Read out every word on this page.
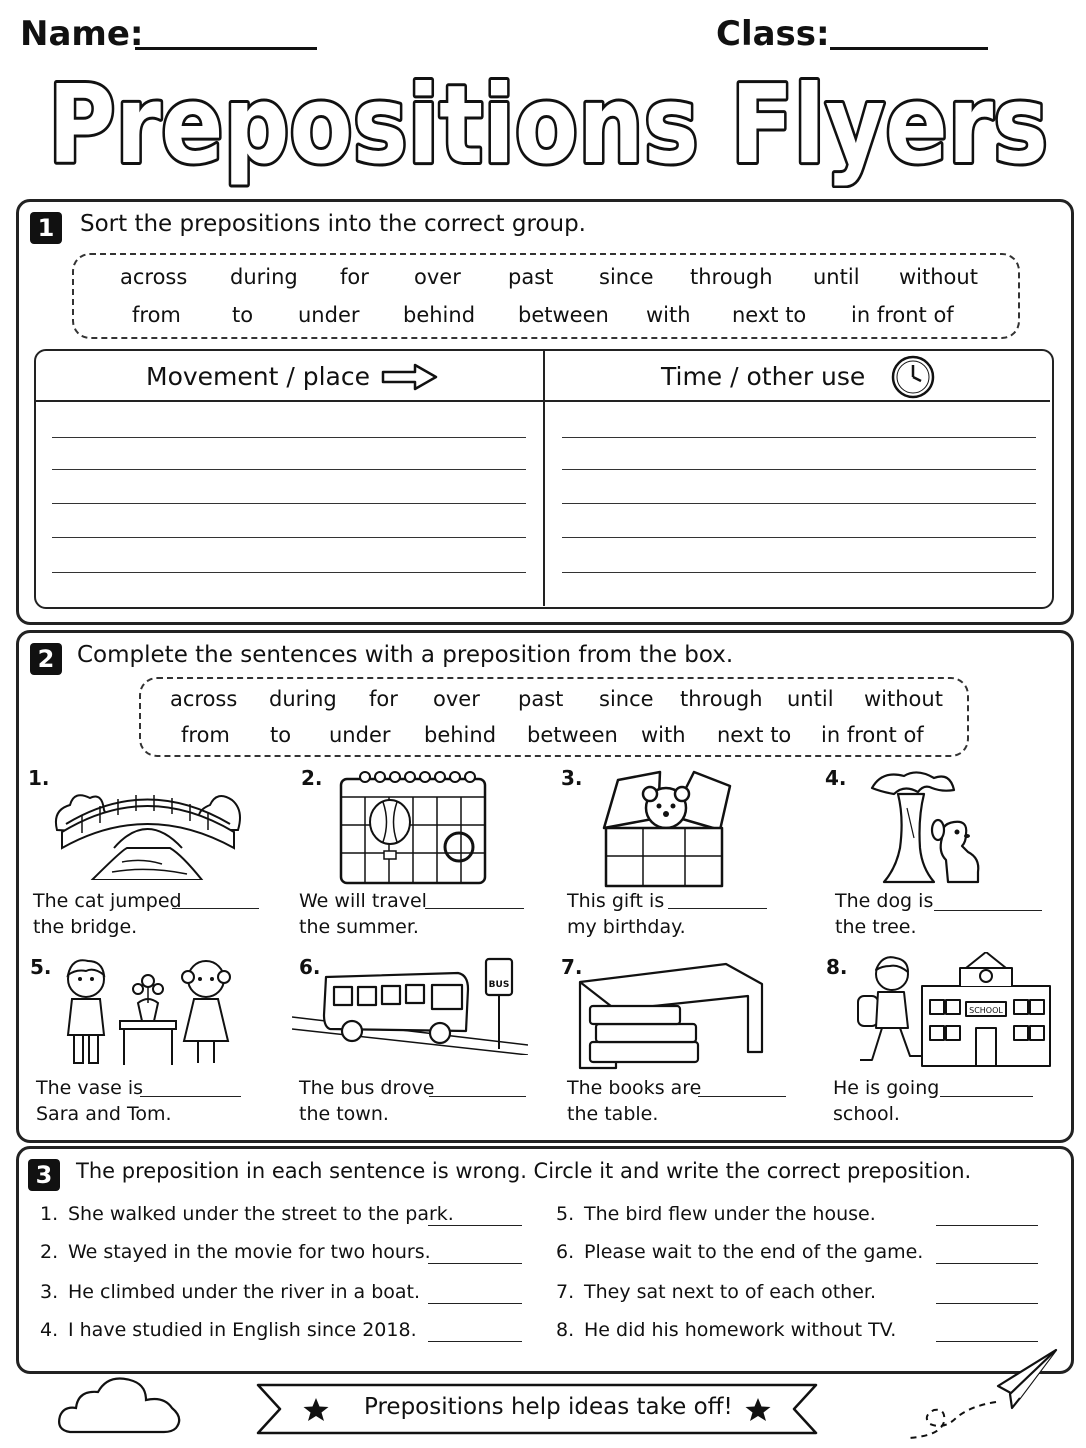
Name:	Class:
Prepositions Flyers
1	Sort the prepositions into the correct group.
across during for over past since through until without
from to under behind between with next to in front of
Movement / place	Time / other use
2 Complete the sentences with a preposition from the box.
across during for over past since through until without
from to under behind between with next to in front of
1.
The cat jumped
the bridge.
2.
We will travel
the summer.
3.
This gift is
my birthday.
4.
The dog is
the tree.
5.
The vase is
Sara and Tom.
6.
The bus drove
the town.
7.
The books are
the table.
8.
He is going
school.
BUS
SCHOOL
3	The preposition in each sentence is wrong. Circle it and write the correct preposition.
1. She walked under the street to the park.
2. We stayed in the movie for two hours.
3. He climbed under the river in a boat.
4. I have studied in English since 2018.
5. The bird flew under the house.
6. Please wait to the end of the game.
7. They sat next to of each other.
8. He did his homework without TV.
Prepositions help ideas take off!
